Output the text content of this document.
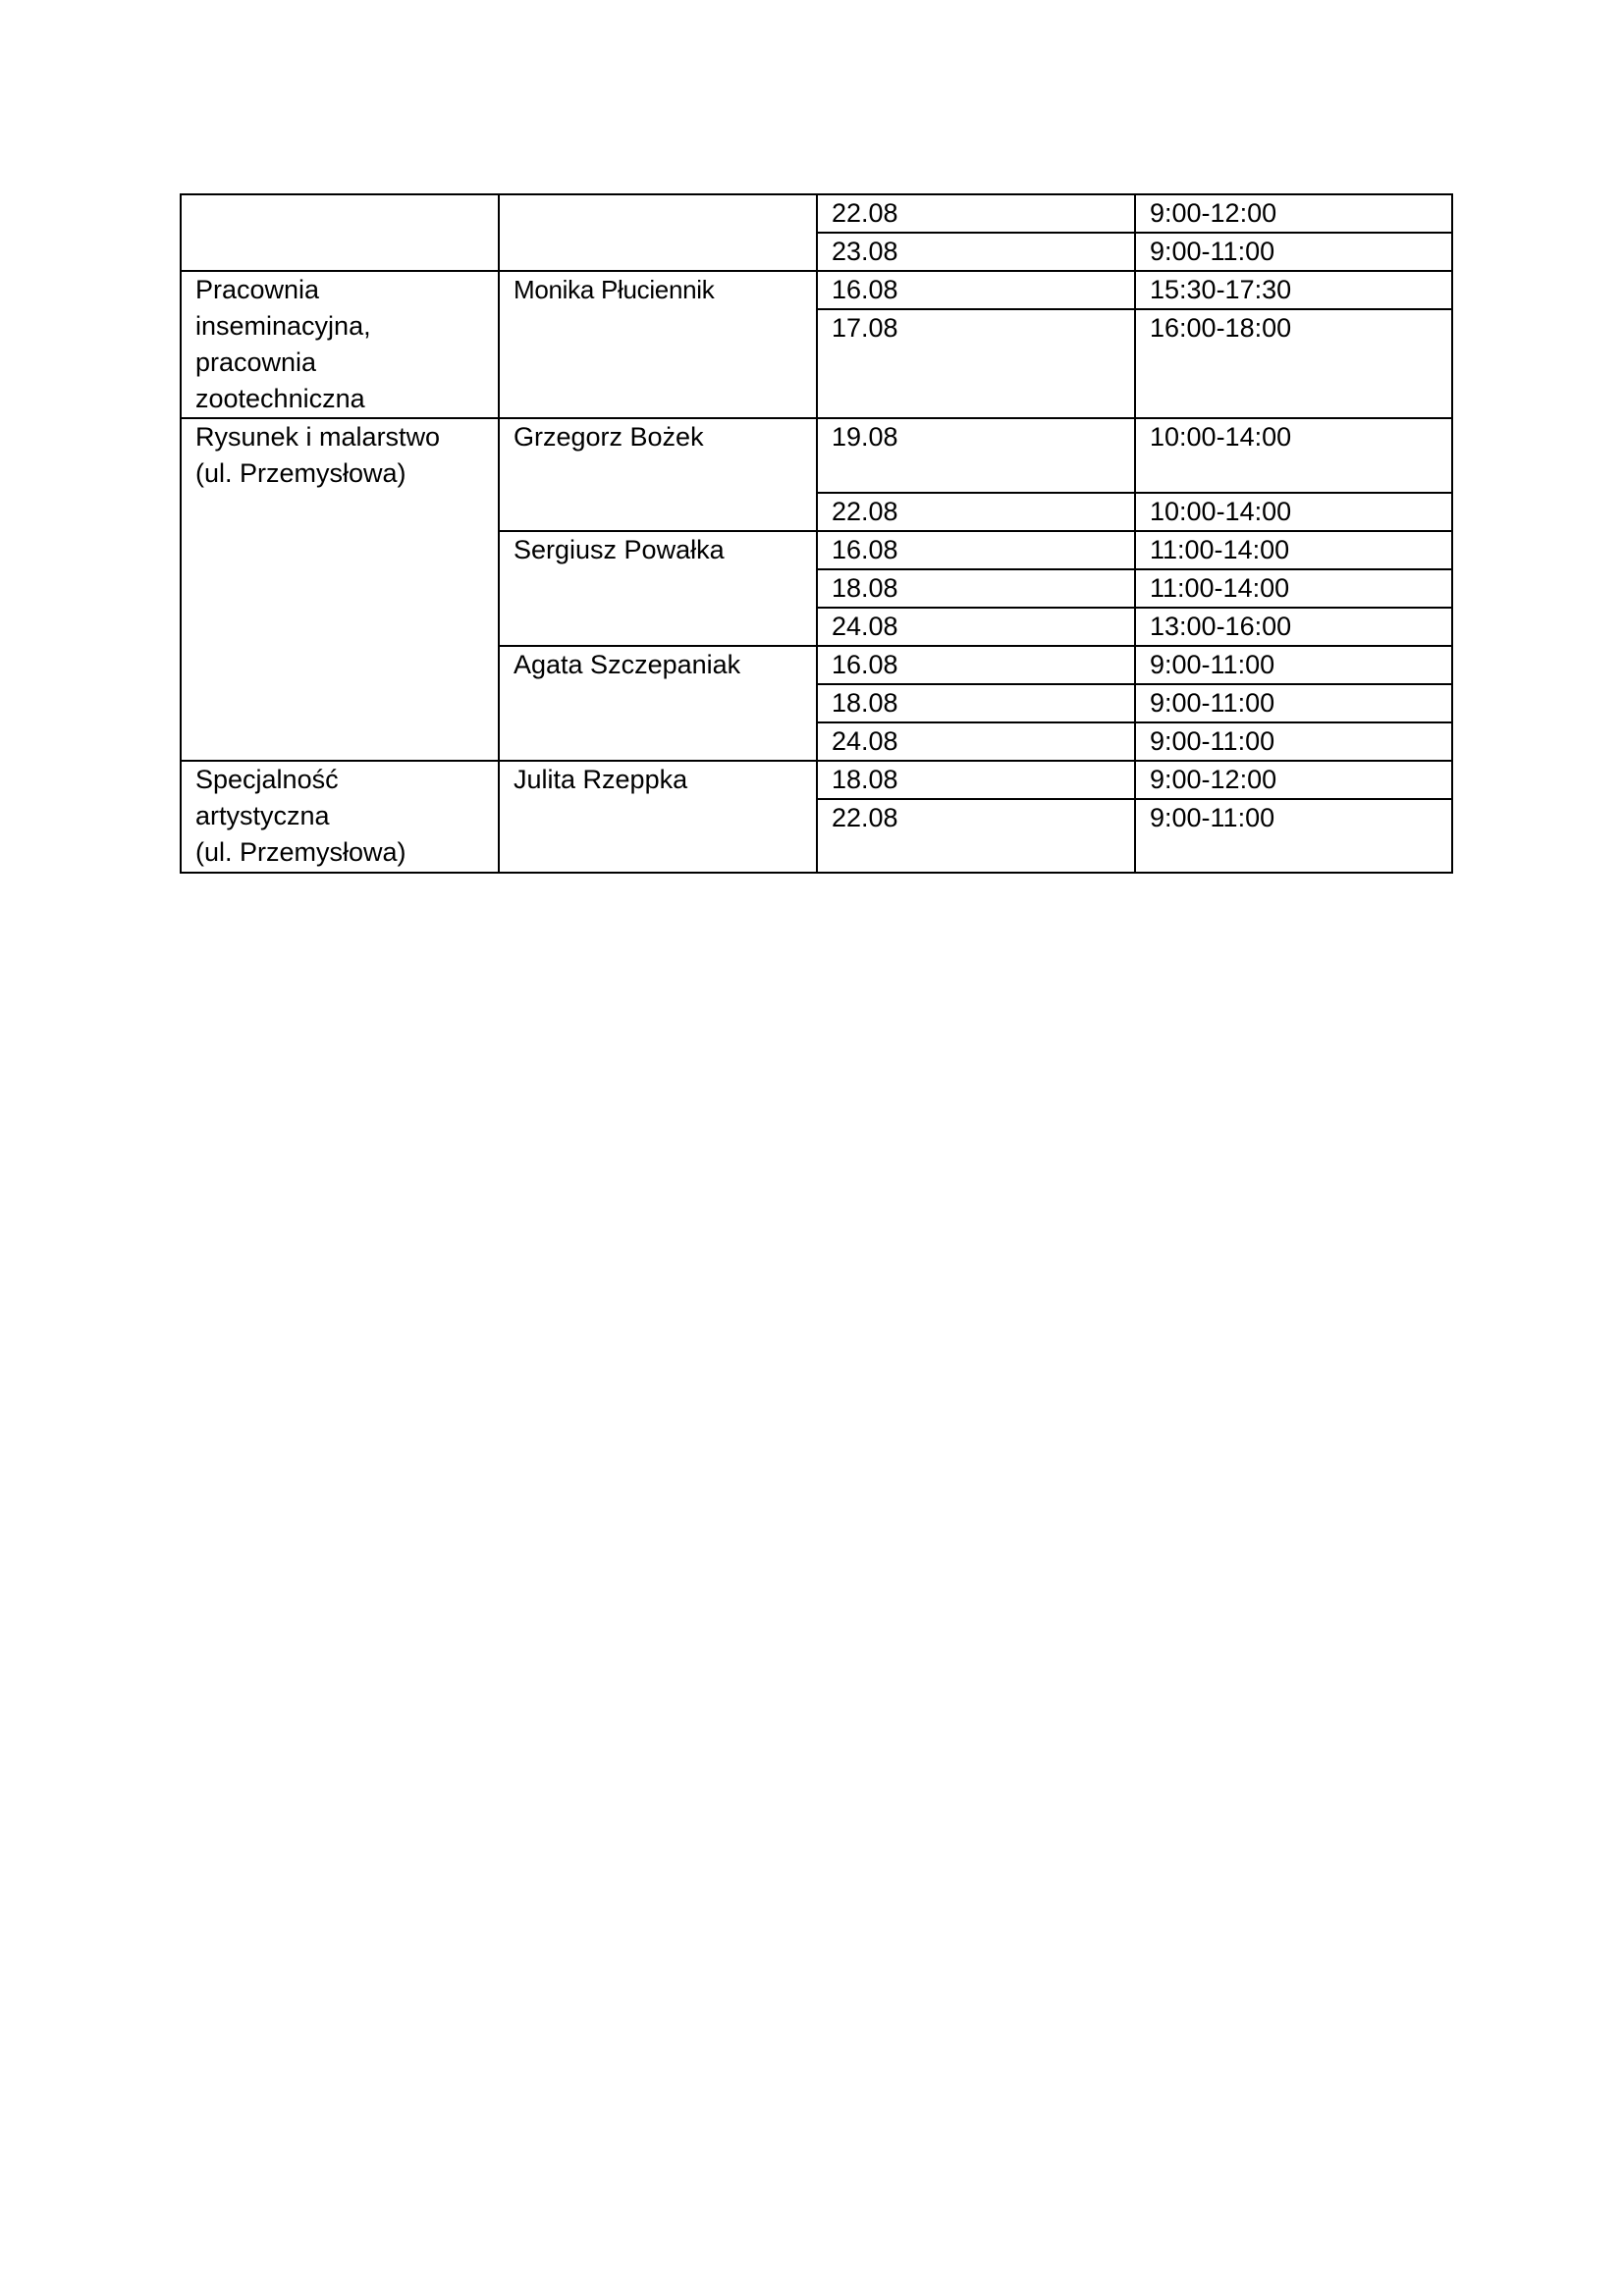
		22.08	9:00-12:00
		23.08	9:00-11:00
Pracownia
inseminacyjna,
pracownia
zootechniczna	Monika Płuciennik	16.08	15:30-17:30
		17.08	16:00-18:00
Rysunek i malarstwo
(ul. Przemysłowa)	Grzegorz Bożek	19.08	10:00-14:00
		22.08	10:00-14:00
	Sergiusz Powałka	16.08	11:00-14:00
		18.08	11:00-14:00
		24.08	13:00-16:00
	Agata Szczepaniak	16.08	9:00-11:00
		18.08	9:00-11:00
		24.08	9:00-11:00
Specjalność
artystyczna
(ul. Przemysłowa)	Julita Rzeppka	18.08	9:00-12:00
		22.08	9:00-11:00
